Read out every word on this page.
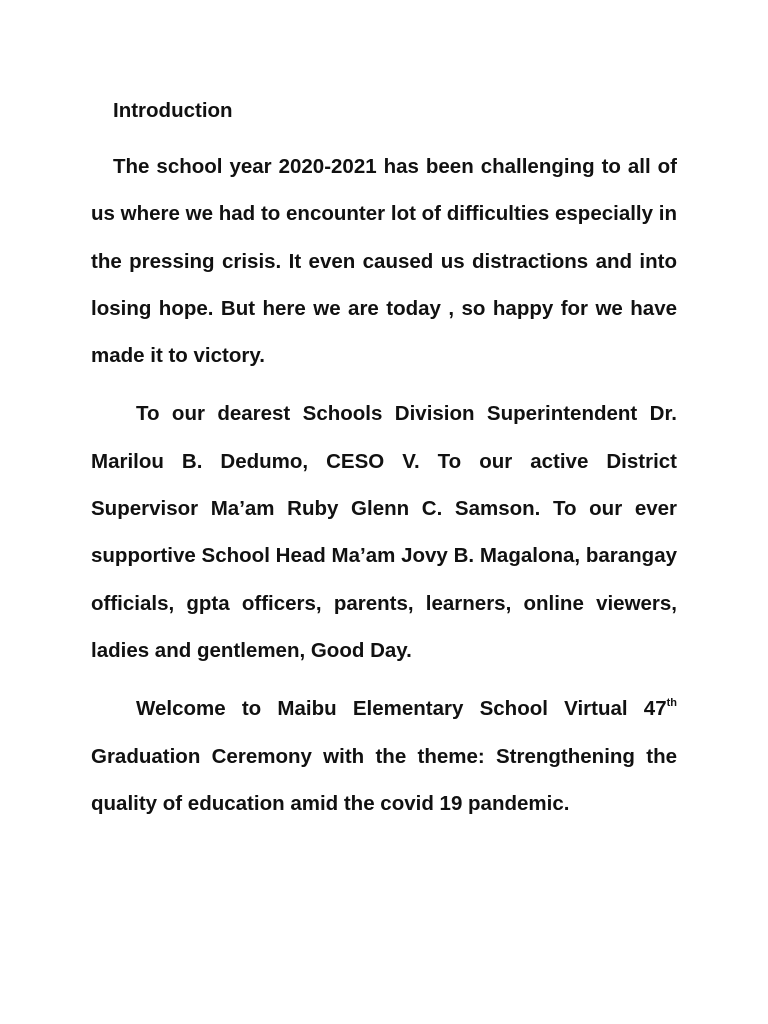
Introduction

The school year 2020-2021 has been challenging to all of us where we had to encounter lot of difficulties especially in the pressing crisis. It even caused us distractions and into losing hope. But here we are today , so happy for we have made it to victory.

To our dearest Schools Division Superintendent Dr. Marilou B. Dedumo, CESO V. To our active District Supervisor Ma’am Ruby Glenn C. Samson. To our ever supportive School Head Ma’am Jovy B. Magalona, barangay officials, gpta officers, parents, learners, online viewers, ladies and gentlemen, Good Day.

Welcome to Maibu Elementary School Virtual 47th Graduation Ceremony with the theme: Strengthening the quality of education amid the covid 19 pandemic.
